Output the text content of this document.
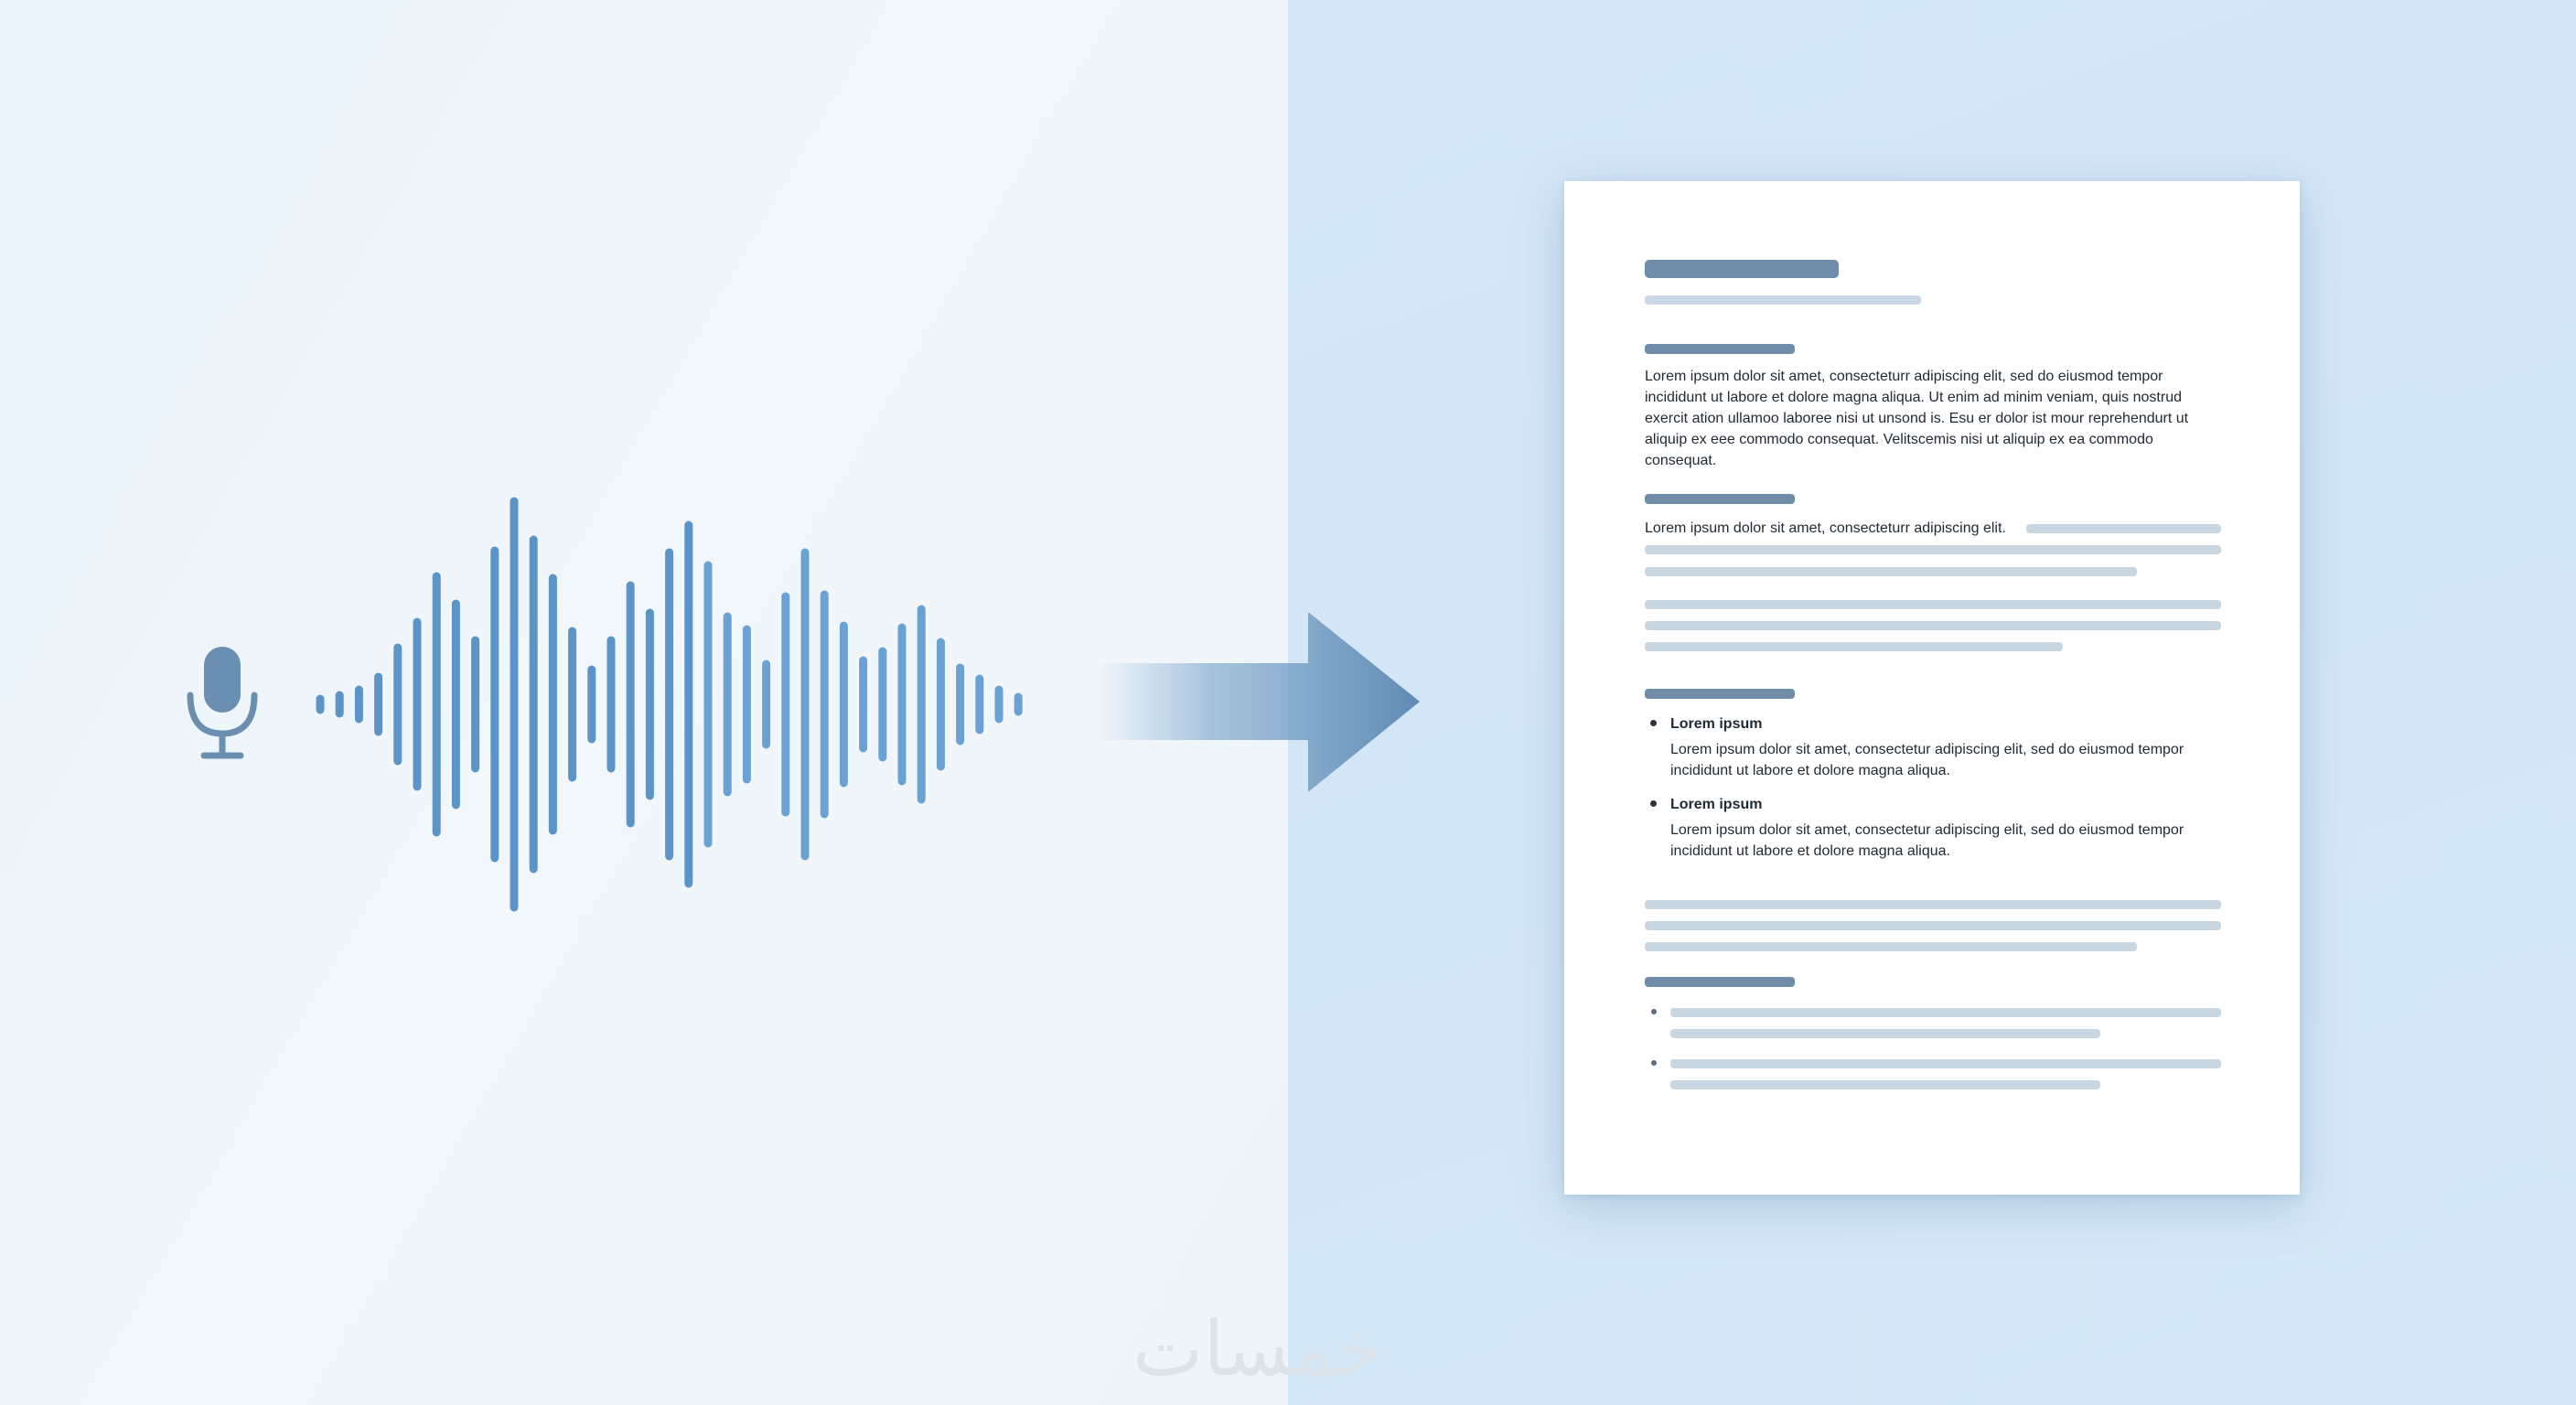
Lorem ipsum dolor sit amet, consecteturr adipiscing elit, sed do eiusmod tempor
incididunt ut labore et dolore magna aliqua. Ut enim ad minim veniam, quis nostrud
exercit ation ullamoo laboree nisi ut unsond is. Esu er dolor ist mour reprehendurt ut
aliquip ex eee commodo consequat. Velitscemis nisi ut aliquip ex ea commodo
consequat.
Lorem ipsum dolor sit amet, consecteturr adipiscing elit.
Lorem ipsum
Lorem ipsum dolor sit amet, consectetur adipiscing elit, sed do eiusmod tempor
incididunt ut labore et dolore magna aliqua.
Lorem ipsum
Lorem ipsum dolor sit amet, consectetur adipiscing elit, sed do eiusmod tempor
incididunt ut labore et dolore magna aliqua.
خمسات
